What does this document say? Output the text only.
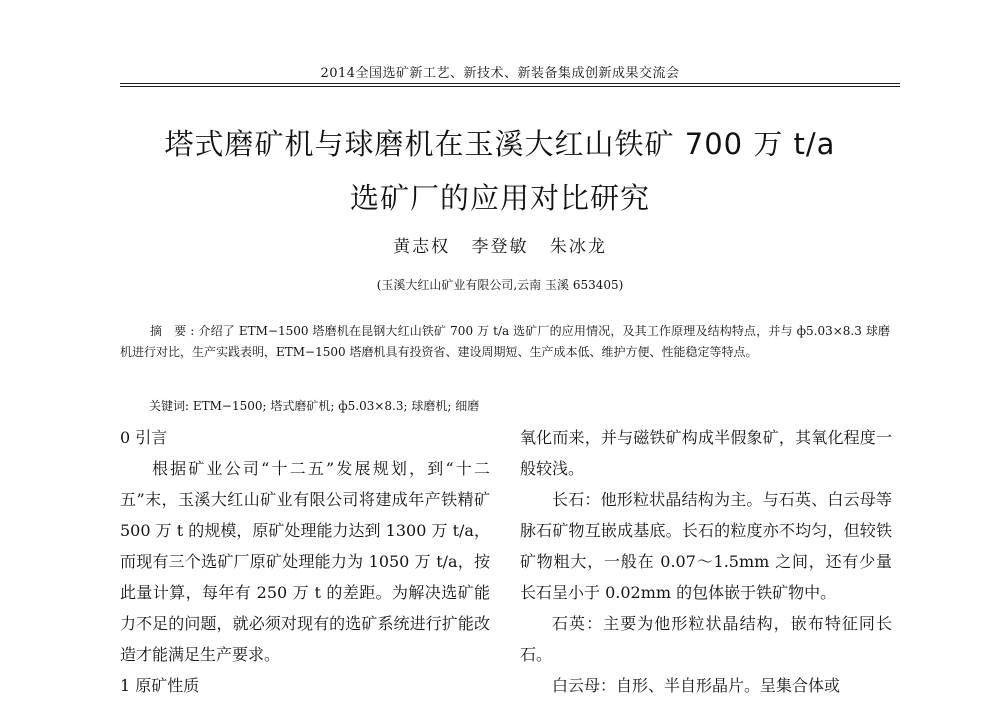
2014全国选矿新工艺、新技术、新装备集成创新成果交流会
塔式磨矿机与球磨机在玉溪大红山铁矿 700 万 t/a
选矿厂的应用对比研究
黄志权 李登敏 朱冰龙
(玉溪大红山矿业有限公司,云南 玉溪 653405)
摘 要:介绍了 ETM−1500 塔磨机在昆钢大红山铁矿 700 万 t/a 选矿厂的应用情况，及其工作原理及结构特点，并与 ф5.03×8.3 球磨机进行对比，生产实践表明，ETM−1500 塔磨机具有投资省、建设周期短、生产成本低、维护方便、性能稳定等特点。
关键词: ETM−1500; 塔式磨矿机; ф5.03×8.3; 球磨机; 细磨

0 引言

根据矿业公司“十二五”发展规划，到“十二五”末，玉溪大红山矿业有限公司将建成年产铁精矿 500 万 t 的规模，原矿处理能力达到 1300 万 t/a，而现有三个选矿厂原矿处理能力为 1050 万 t/a，按此量计算，每年有 250 万 t 的差距。为解决选矿能力不足的问题，就必须对现有的选矿系统进行扩能改造才能满足生产要求。

1 原矿性质

氧化而来，并与磁铁矿构成半假象矿，其氧化程度一般较浅。

长石：他形粒状晶结构为主。与石英、白云母等脉石矿物互嵌成基底。长石的粒度亦不均匀，但较铁矿物粗大，一般在 0.07～1.5mm 之间，还有少量长石呈小于 0.02mm 的包体嵌于铁矿物中。

石英：主要为他形粒状晶结构，嵌布特征同长石。

白云母：自形、半自形晶片。呈集合体或
